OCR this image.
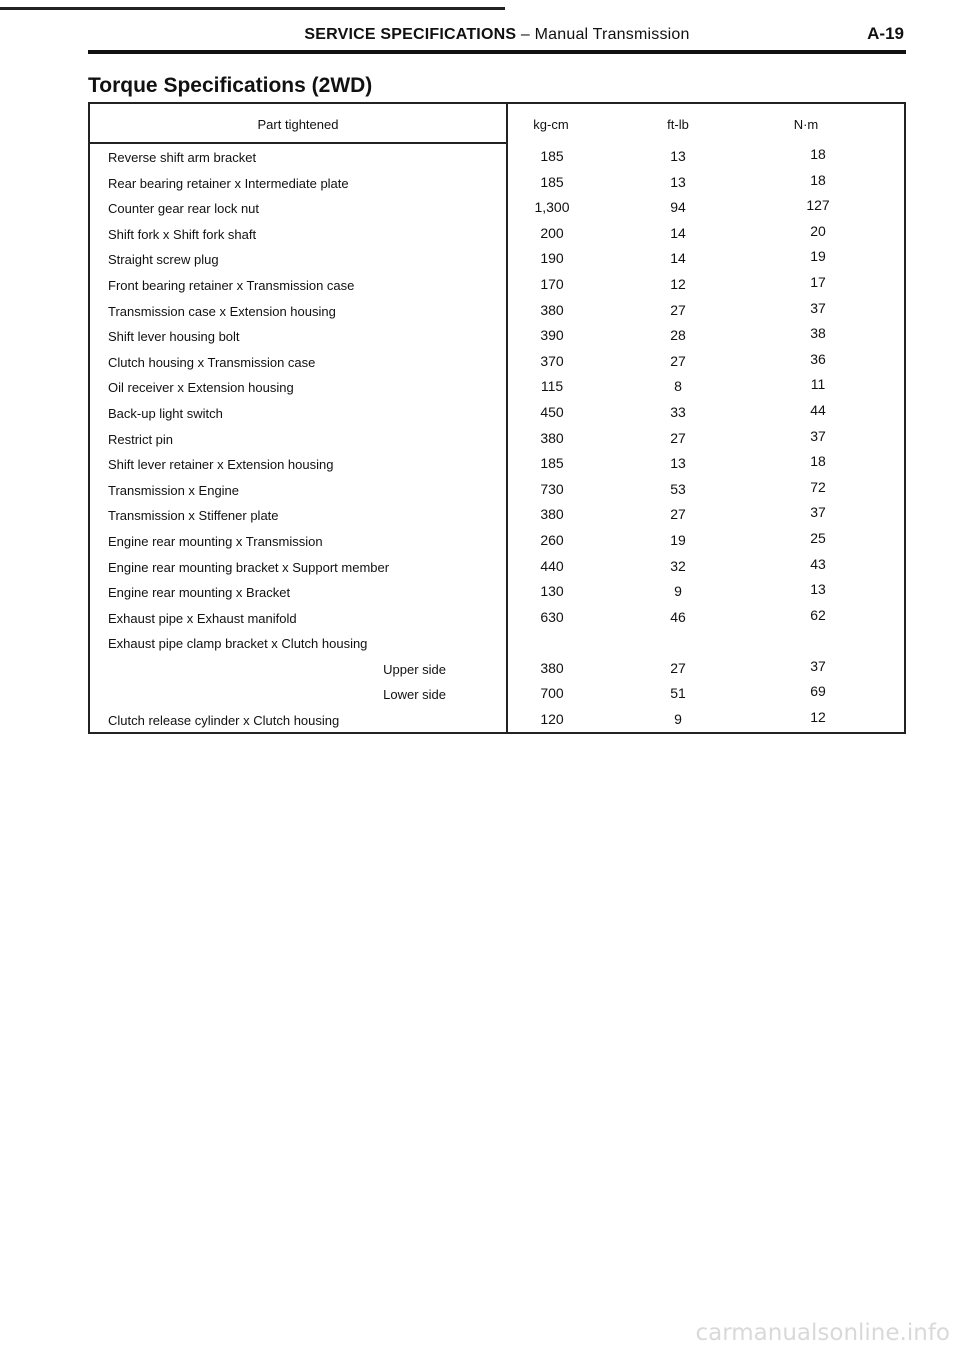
SERVICE SPECIFICATIONS – Manual Transmission	A-19
Torque Specifications (2WD)
Part tightened	kg-cm	ft-lb	N·m
Reverse shift arm bracket	185	13	18
Rear bearing retainer x Intermediate plate	185	13	18
Counter gear rear lock nut	1,300	94	127
Shift fork x Shift fork shaft	200	14	20
Straight screw plug	190	14	19
Front bearing retainer x Transmission case	170	12	17
Transmission case x Extension housing	380	27	37
Shift lever housing bolt	390	28	38
Clutch housing x Transmission case	370	27	36
Oil receiver x Extension housing	115	8	11
Back-up light switch	450	33	44
Restrict pin	380	27	37
Shift lever retainer x Extension housing	185	13	18
Transmission x Engine	730	53	72
Transmission x Stiffener plate	380	27	37
Engine rear mounting x Transmission	260	19	25
Engine rear mounting bracket x Support member	440	32	43
Engine rear mounting x Bracket	130	9	13
Exhaust pipe x Exhaust manifold	630	46	62
Exhaust pipe clamp bracket x Clutch housing
Upper side	380	27	37
Lower side	700	51	69
Clutch release cylinder x Clutch housing	120	9	12
carmanualsonline.info
